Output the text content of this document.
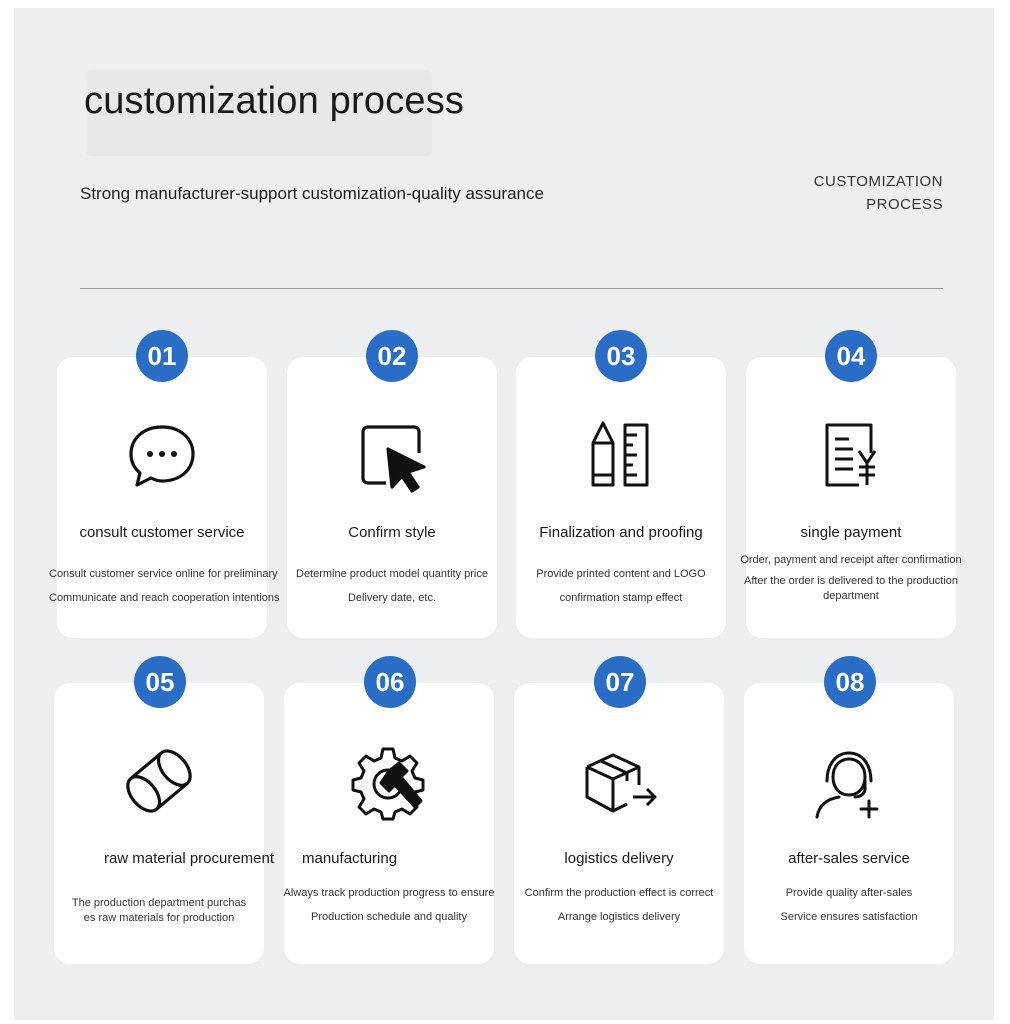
customization process
Strong manufacturer-support customization-quality assurance
CUSTOMIZATION
PROCESS
consult customer service
Consult customer service online for preliminary
Communicate and reach cooperation intentions
01
Confirm style
Determine product model quantity price
Delivery date, etc.
02
Finalization and proofing
Provide printed content and LOGO
confirmation stamp effect
03
single payment
Order, payment and receipt after confirmation
After the order is delivered to the production
department
04
raw material procurement
The production department purchas
es raw materials for production
05
manufacturing
Always track production progress to ensure
Production schedule and quality
06
logistics delivery
Confirm the production effect is correct
Arrange logistics delivery
07
after-sales service
Provide quality after-sales
Service ensures satisfaction
08
